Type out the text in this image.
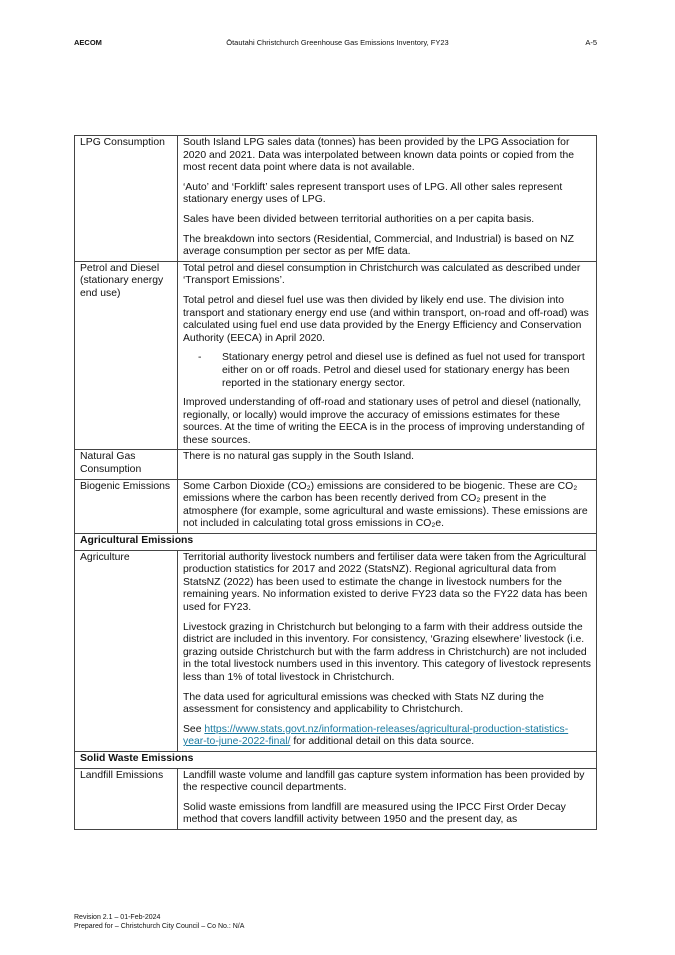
AECOM	Ōtautahi Christchurch Greenhouse Gas Emissions Inventory, FY23	A-5
LPG Consumption	South Island LPG sales data (tonnes) has been provided by the LPG Association for 2020 and 2021. Data was interpolated between known data points or copied from the most recent data point where data is not available.

‘Auto’ and ‘Forklift’ sales represent transport uses of LPG. All other sales represent stationary energy uses of LPG.

Sales have been divided between territorial authorities on a per capita basis.

The breakdown into sectors (Residential, Commercial, and Industrial) is based on NZ average consumption per sector as per MfE data.

Petrol and Diesel (stationary energy end use)	Total petrol and diesel consumption in Christchurch was calculated as described under ‘Transport Emissions’.

Total petrol and diesel fuel use was then divided by likely end use. The division into transport and stationary energy end use (and within transport, on-road and off-road) was calculated using fuel end use data provided by the Energy Efficiency and Conservation Authority (EECA) in April 2020.

- Stationary energy petrol and diesel use is defined as fuel not used for transport either on or off roads. Petrol and diesel used for stationary energy has been reported in the stationary energy sector.

Improved understanding of off-road and stationary uses of petrol and diesel (nationally, regionally, or locally) would improve the accuracy of emissions estimates for these sources. At the time of writing the EECA is in the process of improving understanding of these sources.

Natural Gas Consumption	There is no natural gas supply in the South Island.

Biogenic Emissions	Some Carbon Dioxide (CO₂) emissions are considered to be biogenic. These are CO₂ emissions where the carbon has been recently derived from CO₂ present in the atmosphere (for example, some agricultural and waste emissions). These emissions are not included in calculating total gross emissions in CO₂e.

Agricultural Emissions	
Agriculture	Territorial authority livestock numbers and fertiliser data were taken from the Agricultural production statistics for 2017 and 2022 (StatsNZ). Regional agricultural data from StatsNZ (2022) has been used to estimate the change in livestock numbers for the remaining years. No information existed to derive FY23 data so the FY22 data has been used for FY23.

Livestock grazing in Christchurch but belonging to a farm with their address outside the district are included in this inventory. For consistency, ‘Grazing elsewhere’ livestock (i.e. grazing outside Christchurch but with the farm address in Christchurch) are not included in the total livestock numbers used in this inventory. This category of livestock represents less than 1% of total livestock in Christchurch.

The data used for agricultural emissions was checked with Stats NZ during the assessment for consistency and applicability to Christchurch.

See https://www.stats.govt.nz/information-releases/agricultural-production-statistics-year-to-june-2022-final/ for additional detail on this data source.

Solid Waste Emissions	
Landfill Emissions	Landfill waste volume and landfill gas capture system information has been provided by the respective council departments.

Solid waste emissions from landfill are measured using the IPCC First Order Decay method that covers landfill activity between 1950 and the present day, as

Revision 2.1 – 01-Feb-2024
Prepared for – Christchurch City Council – Co No.: N/A
